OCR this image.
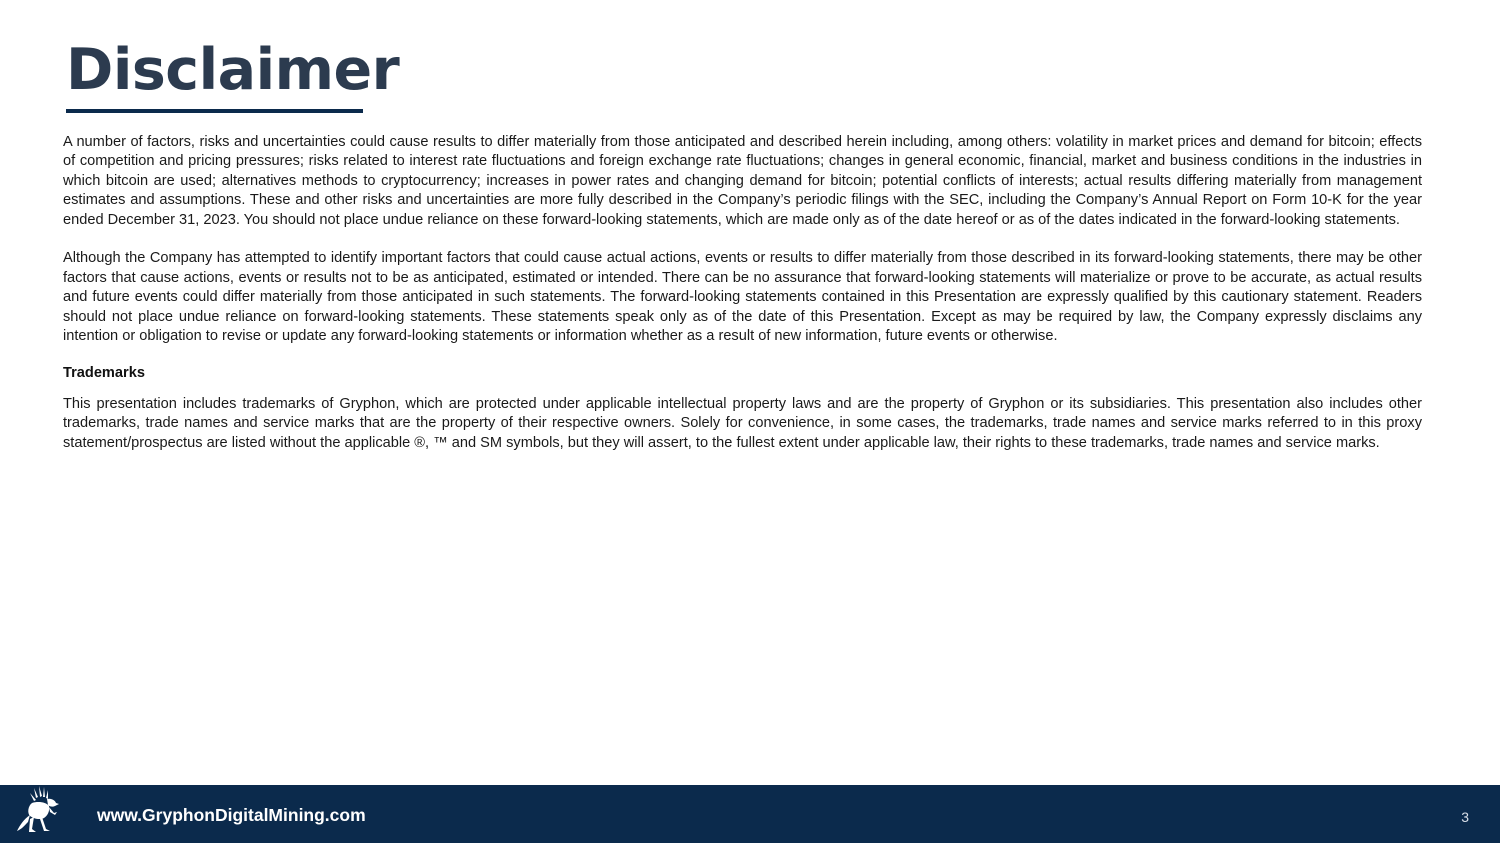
Disclaimer

A number of factors, risks and uncertainties could cause results to differ materially from those anticipated and described herein including, among others: volatility in market prices and demand for bitcoin; effects of competition and pricing pressures; risks related to interest rate fluctuations and foreign exchange rate fluctuations; changes in general economic, financial, market and business conditions in the industries in which bitcoin are used; alternatives methods to cryptocurrency; increases in power rates and changing demand for bitcoin; potential conflicts of interests; actual results differing materially from management estimates and assumptions. These and other risks and uncertainties are more fully described in the Company’s periodic filings with the SEC, including the Company’s Annual Report on Form 10-K for the year ended December 31, 2023. You should not place undue reliance on these forward-looking statements, which are made only as of the date hereof or as of the dates indicated in the forward-looking statements.

Although the Company has attempted to identify important factors that could cause actual actions, events or results to differ materially from those described in its forward-looking statements, there may be other factors that cause actions, events or results not to be as anticipated, estimated or intended. There can be no assurance that forward-looking statements will materialize or prove to be accurate, as actual results and future events could differ materially from those anticipated in such statements. The forward-looking statements contained in this Presentation are expressly qualified by this cautionary statement. Readers should not place undue reliance on forward-looking statements. These statements speak only as of the date of this Presentation. Except as may be required by law, the Company expressly disclaims any intention or obligation to revise or update any forward-looking statements or information whether as a result of new information, future events or otherwise.

Trademarks

This presentation includes trademarks of Gryphon, which are protected under applicable intellectual property laws and are the property of Gryphon or its subsidiaries. This presentation also includes other trademarks, trade names and service marks that are the property of their respective owners. Solely for convenience, in some cases, the trademarks, trade names and service marks referred to in this proxy statement/prospectus are listed without the applicable ®, ™ and SM symbols, but they will assert, to the fullest extent under applicable law, their rights to these trademarks, trade names and service marks.

www.GryphonDigitalMining.com	3
